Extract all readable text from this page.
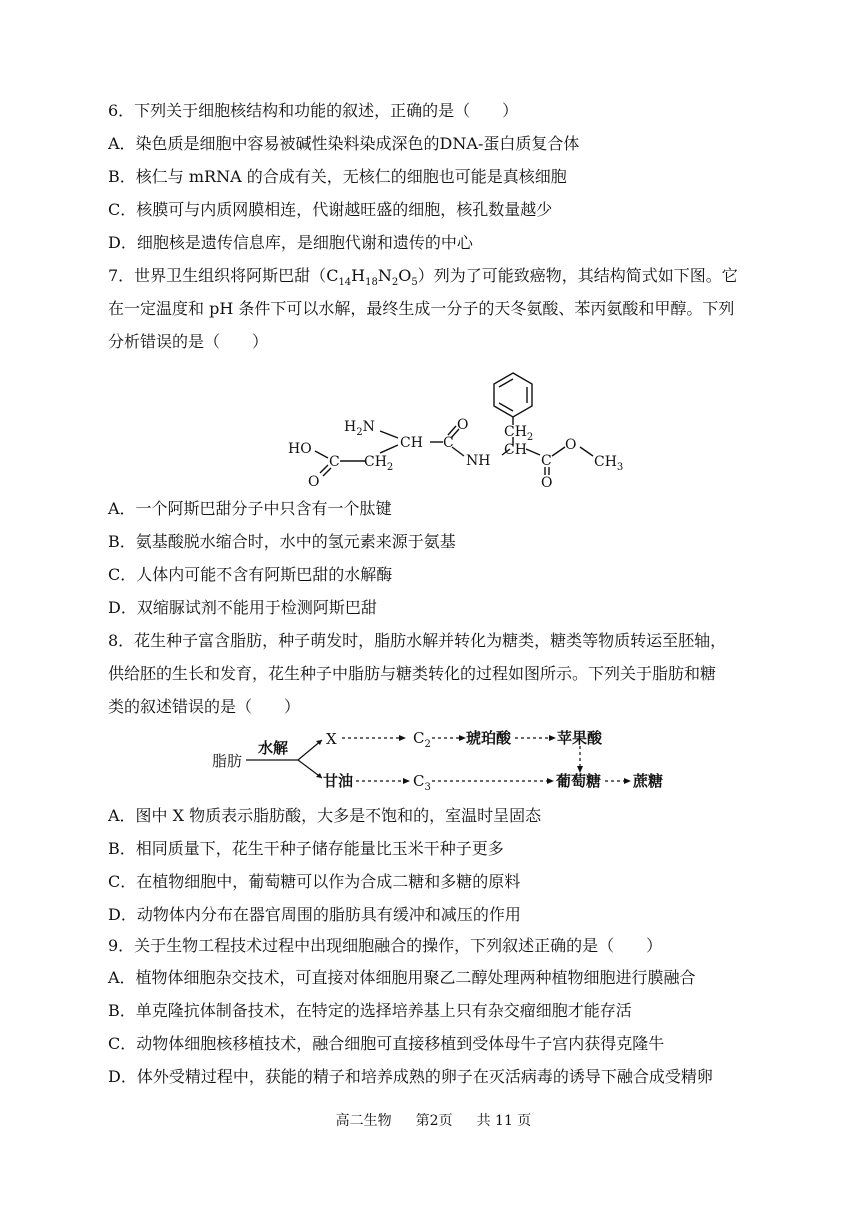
6．下列关于细胞核结构和功能的叙述，正确的是（　　）
A．染色质是细胞中容易被碱性染料染成深色的DNA-蛋白质复合体
B．核仁与 mRNA 的合成有关，无核仁的细胞也可能是真核细胞
C．核膜可与内质网膜相连，代谢越旺盛的细胞，核孔数量越少
D．细胞核是遗传信息库，是细胞代谢和遗传的中心
7．世界卫生组织将阿斯巴甜$(C_{14}H_{18}N_2O_5)$列为了可能致癌物，其结构简式如下图。它
在一定温度和 pH 条件下可以水解，最终生成一分子的天冬氨酸、苯丙氨酸和甲醇。下列
分析错误的是（　　）
HO
C
O
$CH_2$
$H_2N$
CH C
O
NH
$CH_2$
CH
C
O
O
$CH_3$
A．一个阿斯巴甜分子中只含有一个肽键
B．氨基酸脱水缩合时，水中的氢元素来源于氨基
C．人体内可能不含有阿斯巴甜的水解酶
D．双缩脲试剂不能用于检测阿斯巴甜
8．花生种子富含脂肪，种子萌发时，脂肪水解并转化为糖类，糖类等物质转运至胚轴，
供给胚的生长和发育，花生种子中脂肪与糖类转化的过程如图所示。下列关于脂肪和糖
类的叙述错误的是（　　）
脂肪
水解	X
甘油
$C_2$ 琥珀酸	苹果酸
$C_3$	葡萄糖 蔗糖
A．图中 X 物质表示脂肪酸，大多是不饱和的，室温时呈固态
B．相同质量下，花生干种子储存能量比玉米干种子更多
C．在植物细胞中，葡萄糖可以作为合成二糖和多糖的原料
D．动物体内分布在器官周围的脂肪具有缓冲和减压的作用
9．关于生物工程技术过程中出现细胞融合的操作，下列叙述正确的是（　　）
A．植物体细胞杂交技术，可直接对体细胞用聚乙二醇处理两种植物细胞进行膜融合
B．单克隆抗体制备技术，在特定的选择培养基上只有杂交瘤细胞才能存活
C．动物体细胞核移植技术，融合细胞可直接移植到受体母牛子宫内获得克隆牛
D．体外受精过程中，获能的精子和培养成熟的卵子在灭活病毒的诱导下融合成受精卵
高二生物 第2页 共 11 页
